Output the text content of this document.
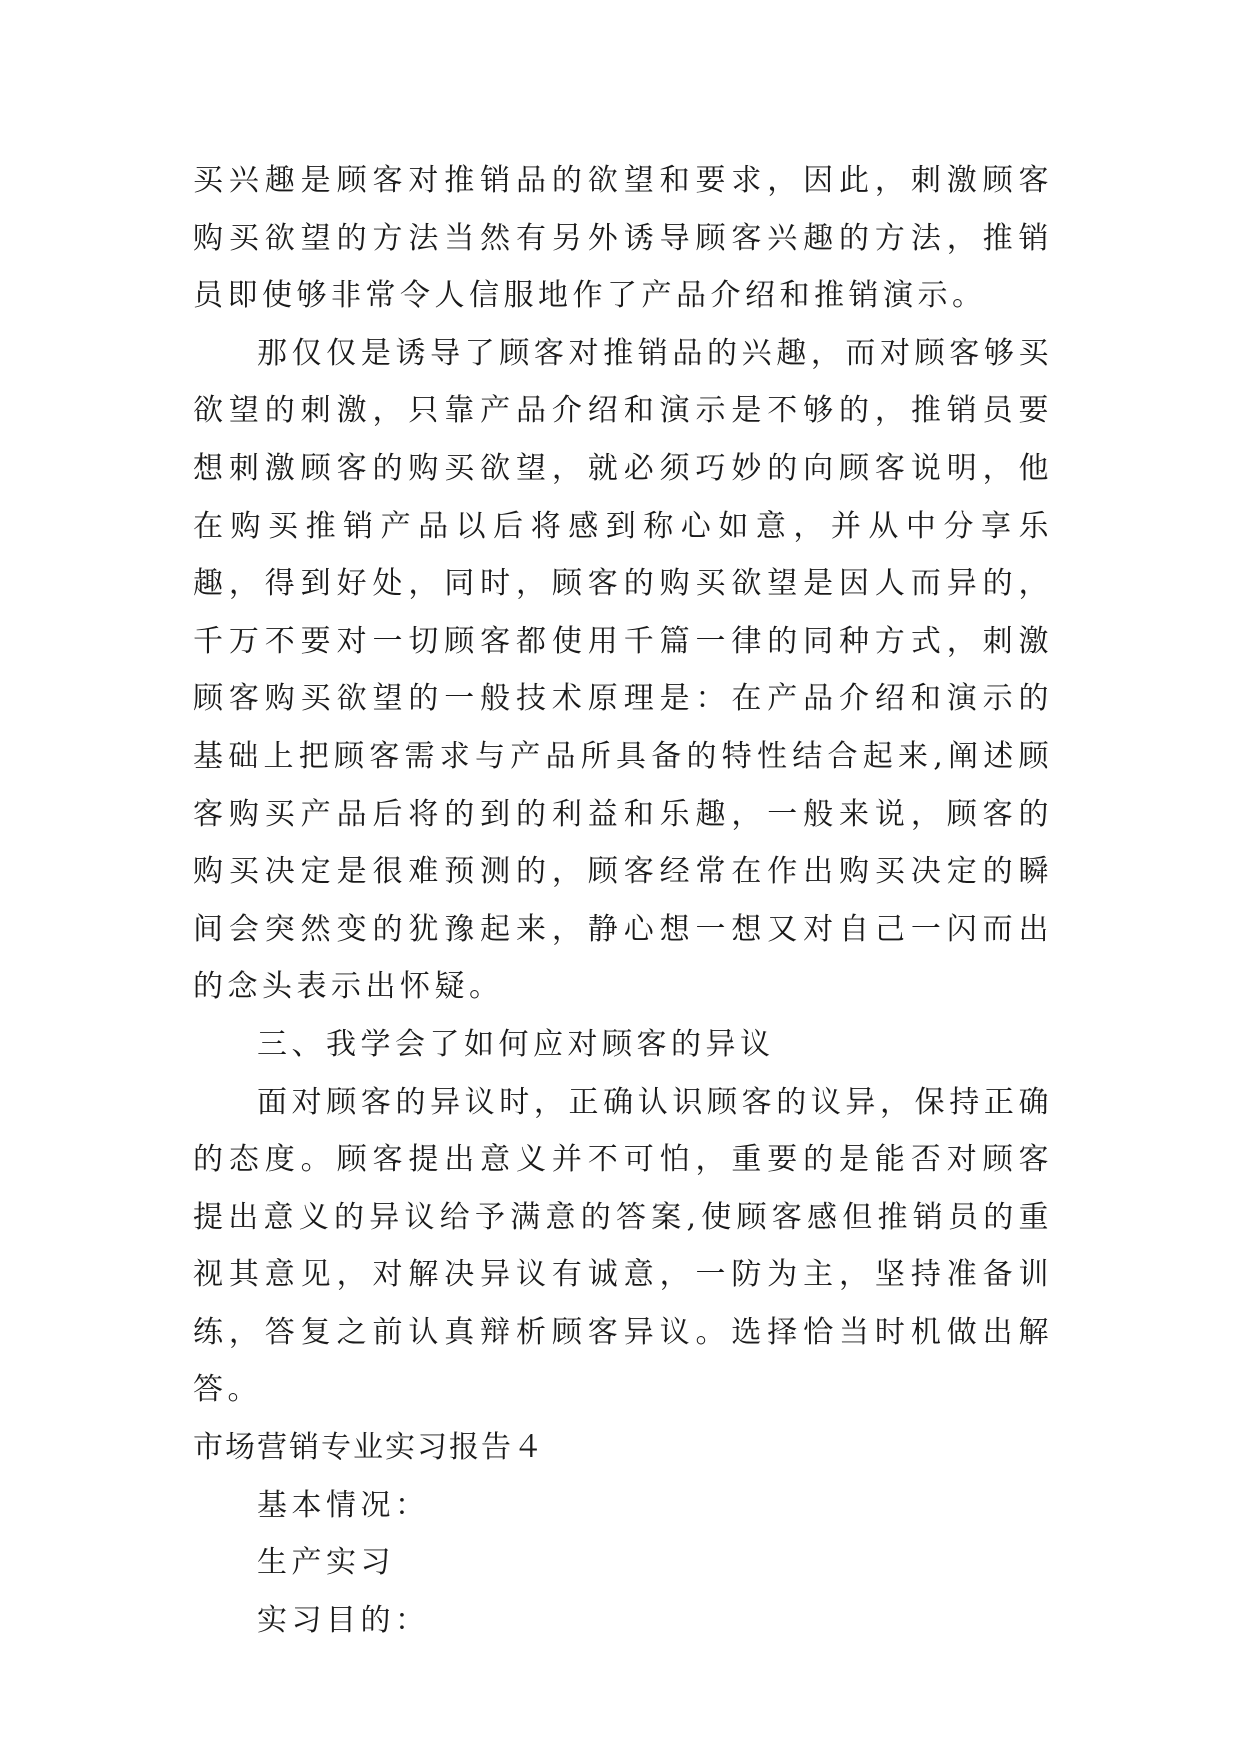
买兴趣是顾客对推销品的欲望和要求，因此，刺激顾客购买欲望的方法当然有另外诱导顾客兴趣的方法，推销员即使够非常令人信服地作了产品介绍和推销演示。

那仅仅是诱导了顾客对推销品的兴趣，而对顾客够买欲望的刺激，只靠产品介绍和演示是不够的，推销员要想刺激顾客的购买欲望，就必须巧妙的向顾客说明，他在购买推销产品以后将感到称心如意，并从中分享乐趣，得到好处，同时，顾客的购买欲望是因人而异的，千万不要对一切顾客都使用千篇一律的同种方式，刺激顾客购买欲望的一般技术原理是：在产品介绍和演示的基础上把顾客需求与产品所具备的特性结合起来,阐述顾客购买产品后将的到的利益和乐趣，一般来说，顾客的购买决定是很难预测的，顾客经常在作出购买决定的瞬间会突然变的犹豫起来，静心想一想又对自己一闪而出的念头表示出怀疑。

三、我学会了如何应对顾客的异议

面对顾客的异议时，正确认识顾客的议异，保持正确的态度。顾客提出意义并不可怕，重要的是能否对顾客提出意义的异议给予满意的答案,使顾客感但推销员的重视其意见，对解决异议有诚意，一防为主，坚持准备训练，答复之前认真辩析顾客异议。选择恰当时机做出解答。

市场营销专业实习报告４

基本情况：

生产实习

实习目的：
